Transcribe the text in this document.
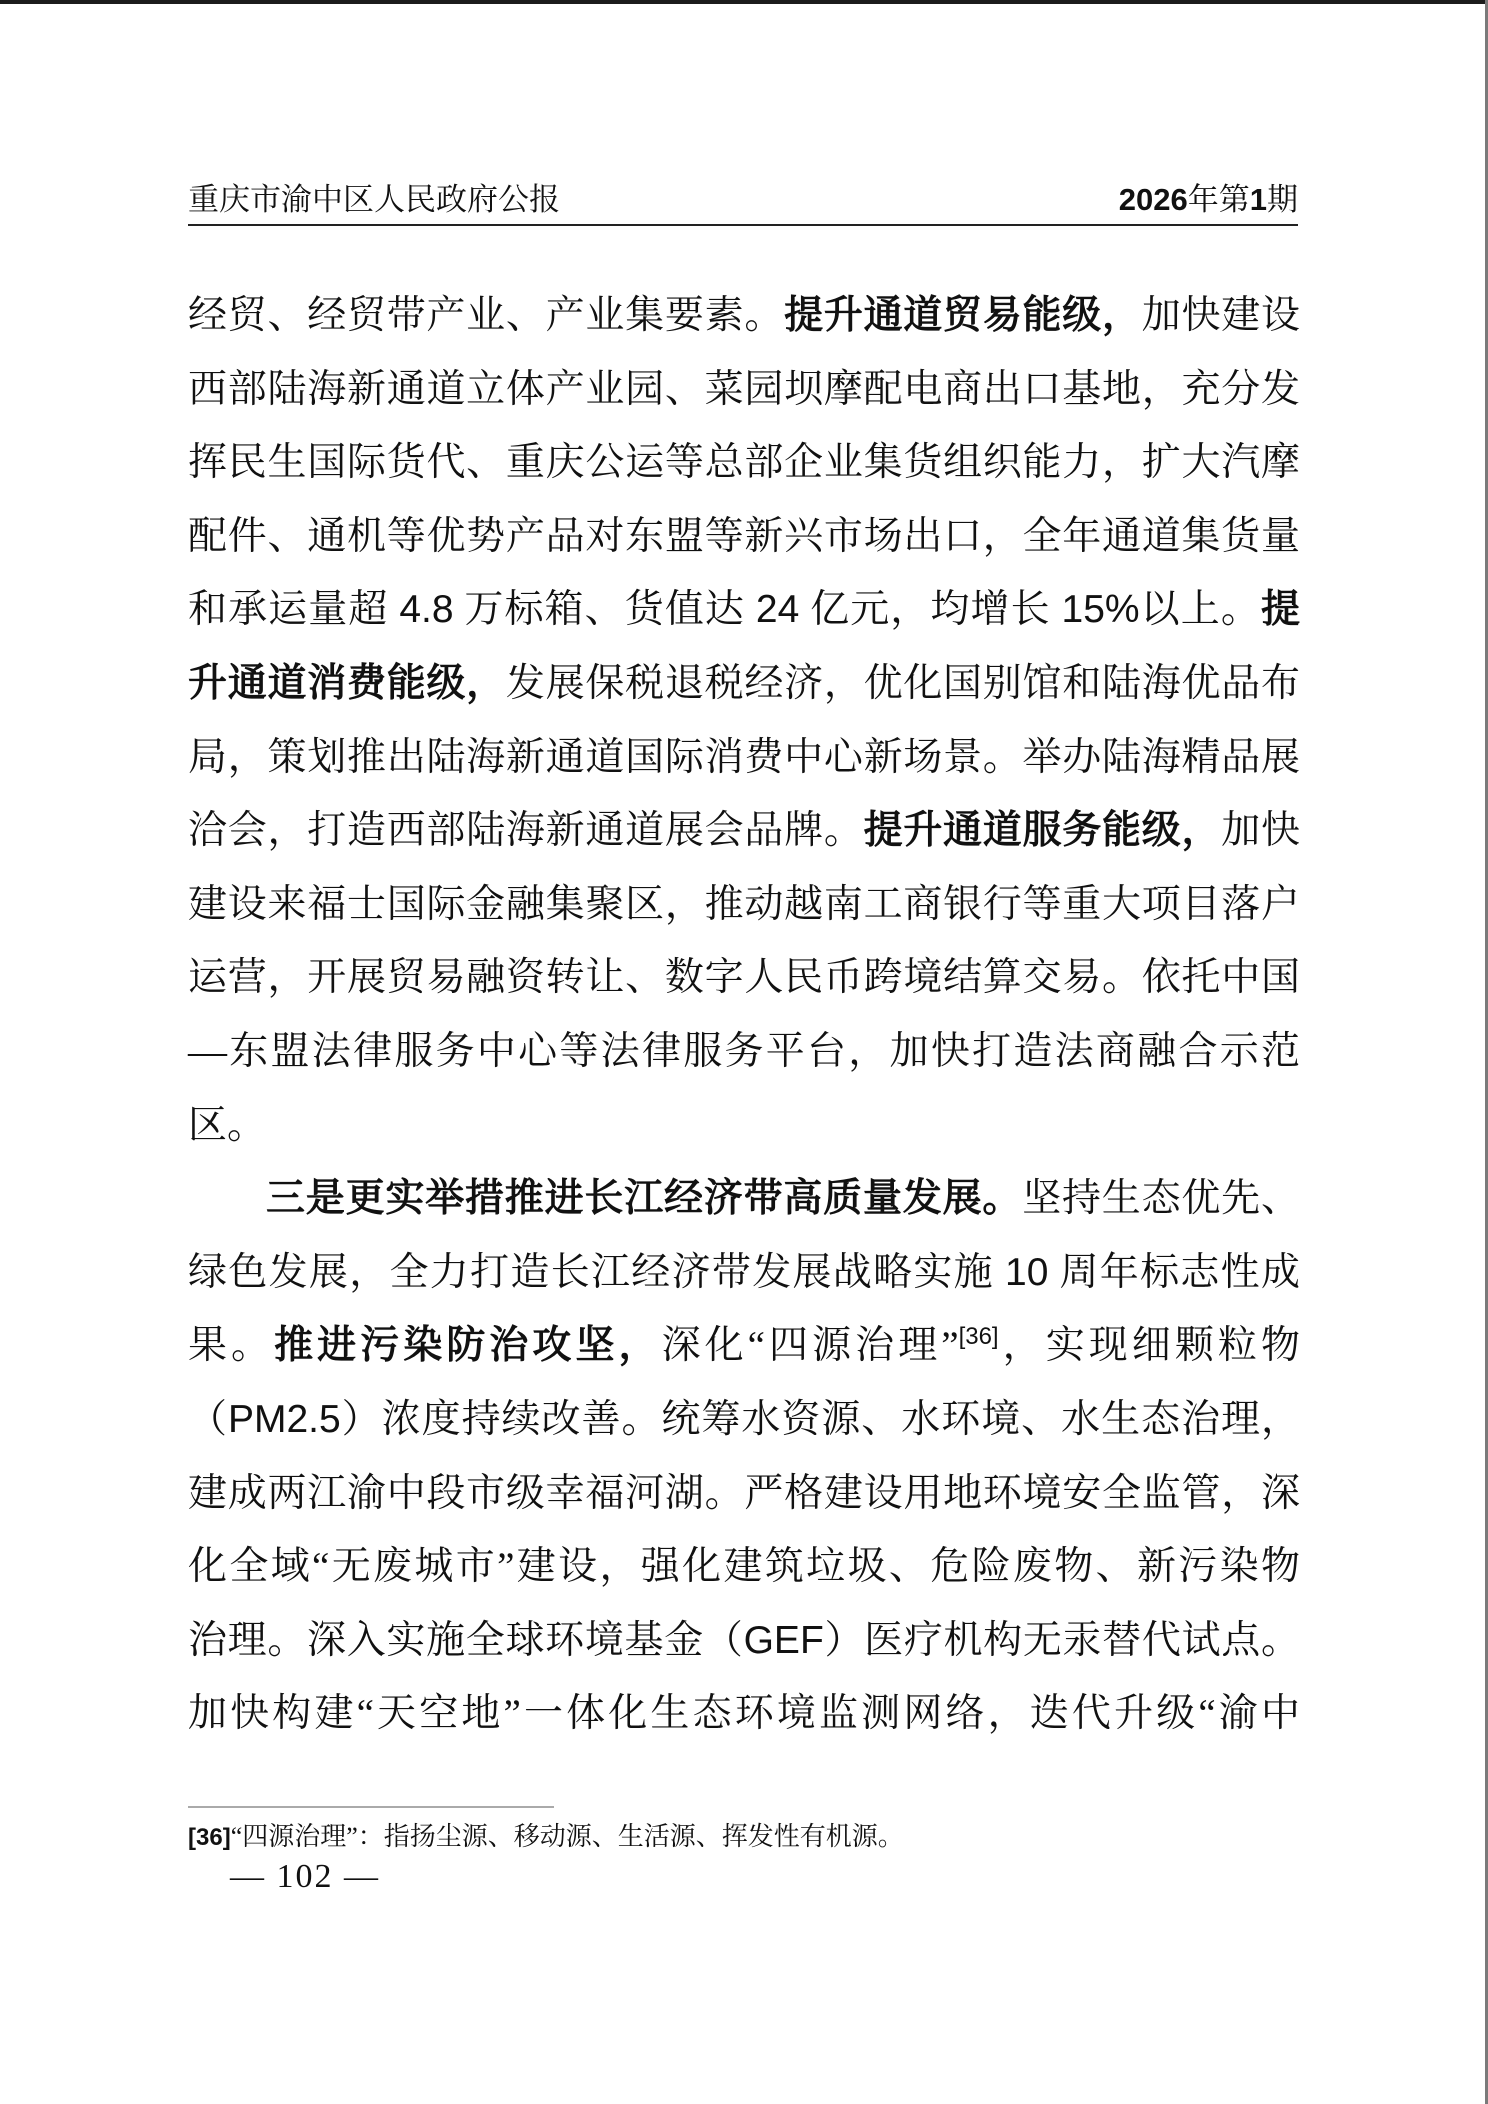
重庆市渝中区人民政府公报	2026年第1期
经贸、经贸带产业、产业集要素。提升通道贸易能级，加快建设
西部陆海新通道立体产业园、菜园坝摩配电商出口基地，充分发
挥民生国际货代、重庆公运等总部企业集货组织能力，扩大汽摩
配件、通机等优势产品对东盟等新兴市场出口，全年通道集货量
和承运量超 4.8 万标箱、货值达 24 亿元，均增长 15%以上。提
升通道消费能级，发展保税退税经济，优化国别馆和陆海优品布
局，策划推出陆海新通道国际消费中心新场景。举办陆海精品展
洽会，打造西部陆海新通道展会品牌。提升通道服务能级，加快
建设来福士国际金融集聚区，推动越南工商银行等重大项目落户
运营，开展贸易融资转让、数字人民币跨境结算交易。依托中国
—东盟法律服务中心等法律服务平台，加快打造法商融合示范
区。
三是更实举措推进长江经济带高质量发展。坚持生态优先、
绿色发展，全力打造长江经济带发展战略实施 10 周年标志性成
果。推进污染防治攻坚，深化“四源治理”[36]，实现细颗粒物
（PM2.5）浓度持续改善。统筹水资源、水环境、水生态治理，
建成两江渝中段市级幸福河湖。严格建设用地环境安全监管，深
化全域“无废城市”建设，强化建筑垃圾、危险废物、新污染物
治理。深入实施全球环境基金（GEF）医疗机构无汞替代试点。
加快构建“天空地”一体化生态环境监测网络，迭代升级“渝中
[36]“四源治理”：指扬尘源、移动源、生活源、挥发性有机源。
— 102 —
